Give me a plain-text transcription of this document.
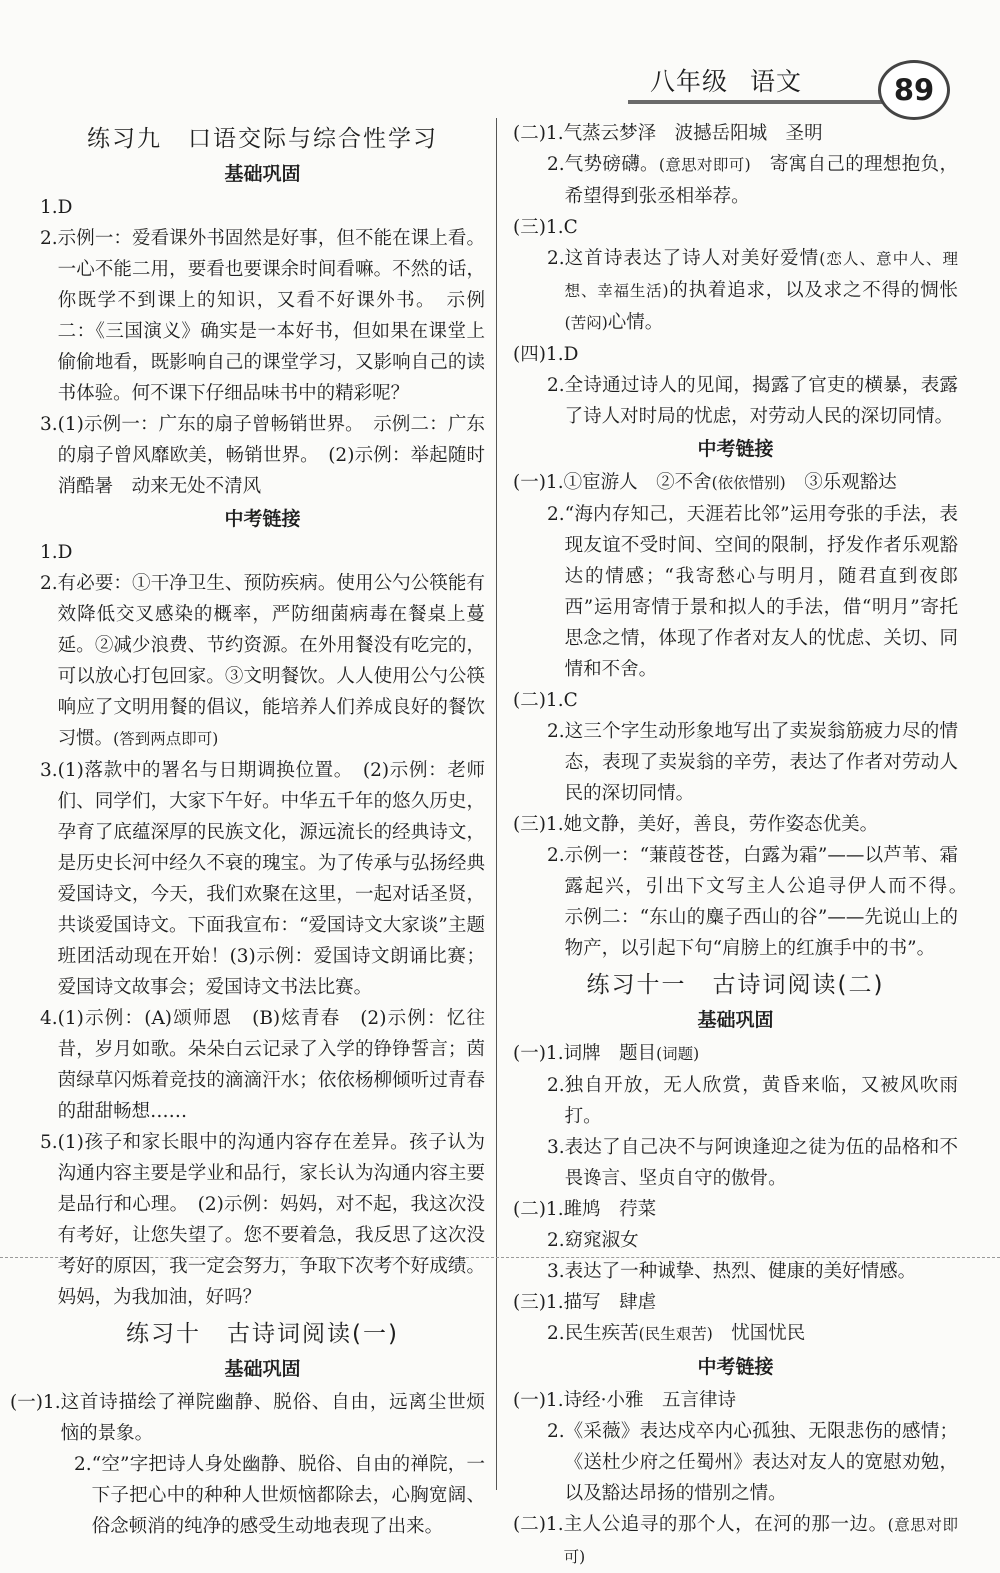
八年级 语文	89
练习九 口语交际与综合性学习
基础巩固
1. D
2. 示例一：爱看课外书固然是好事，但不能在课上看。一心不能二用，要看也要课余时间看嘛。不然的话，你既学不到课上的知识，又看不好课外书。　示例二：《三国演义》确实是一本好书，但如果在课堂上偷偷地看，既影响自己的课堂学习，又影响自己的读书体验。何不课下仔细品味书中的精彩呢？
3. (1)示例一：广东的扇子曾畅销世界。　示例二：广东的扇子曾风靡欧美，畅销世界。　(2)示例：举起随时消酷暑　动来无处不清风
中考链接
1. D
2. 有必要：①干净卫生、预防疾病。使用公勺公筷能有效降低交叉感染的概率，严防细菌病毒在餐桌上蔓延。②减少浪费、节约资源。在外用餐没有吃完的，可以放心打包回家。③文明餐饮。人人使用公勺公筷响应了文明用餐的倡议，能培养人们养成良好的餐饮习惯。(答到两点即可)
3. (1)落款中的署名与日期调换位置。　(2)示例：老师们、同学们，大家下午好。中华五千年的悠久历史，孕育了底蕴深厚的民族文化，源远流长的经典诗文，是历史长河中经久不衰的瑰宝。为了传承与弘扬经典爱国诗文，今天，我们欢聚在这里，一起对话圣贤，共谈爱国诗文。下面我宣布：“爱国诗文大家谈”主题班团活动现在开始！(3)示例：爱国诗文朗诵比赛；爱国诗文故事会；爱国诗文书法比赛。
4. (1)示例：(A)颂师恩　(B)炫青春　(2)示例：忆往昔，岁月如歌。朵朵白云记录了入学的铮铮誓言；茵茵绿草闪烁着竞技的滴滴汗水；依依杨柳倾听过青春的甜甜畅想……
5. (1)孩子和家长眼中的沟通内容存在差异。孩子认为沟通内容主要是学业和品行，家长认为沟通内容主要是品行和心理。　(2)示例：妈妈，对不起，我这次没有考好，让您失望了。您不要着急，我反思了这次没考好的原因，我一定会努力，争取下次考个好成绩。妈妈，为我加油，好吗？
练习十 古诗词阅读(一)
基础巩固
(一)1. 这首诗描绘了禅院幽静、脱俗、自由，远离尘世烦恼的景象。
2. “空”字把诗人身处幽静、脱俗、自由的禅院，一下子把心中的种种人世烦恼都除去，心胸宽阔、俗念顿消的纯净的感受生动地表现了出来。
(二)1. 气蒸云梦泽　波撼岳阳城　圣明
2. 气势磅礴。(意思对即可)　寄寓自己的理想抱负，希望得到张丞相举荐。
(三)1. C
2. 这首诗表达了诗人对美好爱情(恋人、意中人、理想、幸福生活)的执着追求，以及求之不得的惆怅(苦闷)心情。
(四)1. D
2. 全诗通过诗人的见闻，揭露了官吏的横暴，表露了诗人对时局的忧虑，对劳动人民的深切同情。
中考链接
(一)1. ①宦游人　②不舍(依依惜别)　③乐观豁达
2. “海内存知己，天涯若比邻”运用夸张的手法，表现友谊不受时间、空间的限制，抒发作者乐观豁达的情感；“我寄愁心与明月，随君直到夜郎西”运用寄情于景和拟人的手法，借“明月”寄托思念之情，体现了作者对友人的忧虑、关切、同情和不舍。
(二)1. C
2. 这三个字生动形象地写出了卖炭翁筋疲力尽的情态，表现了卖炭翁的辛劳，表达了作者对劳动人民的深切同情。
(三)1. 她文静，美好，善良，劳作姿态优美。
2. 示例一：“蒹葭苍苍，白露为霜”——以芦苇、霜露起兴，引出下文写主人公追寻伊人而不得。　示例二：“东山的麋子西山的谷”——先说山上的物产，以引起下句“肩膀上的红旗手中的书”。
练习十一 古诗词阅读(二)
基础巩固
(一)1. 词牌　题目(词题)
2. 独自开放，无人欣赏，黄昏来临，又被风吹雨打。
3. 表达了自己决不与阿谀逢迎之徒为伍的品格和不畏谗言、坚贞自守的傲骨。
(二)1. 雎鸠　荇菜
2. 窈窕淑女
3. 表达了一种诚挚、热烈、健康的美好情感。
(三)1. 描写　肆虐
2. 民生疾苦(民生艰苦)　忧国忧民
中考链接
(一)1. 诗经·小雅　五言律诗
2. 《采薇》表达戍卒内心孤独、无限悲伤的感情；《送杜少府之任蜀州》表达对友人的宽慰劝勉，以及豁达昂扬的惜别之情。
(二)1. 主人公追寻的那个人，在河的那一边。(意思对即可)
